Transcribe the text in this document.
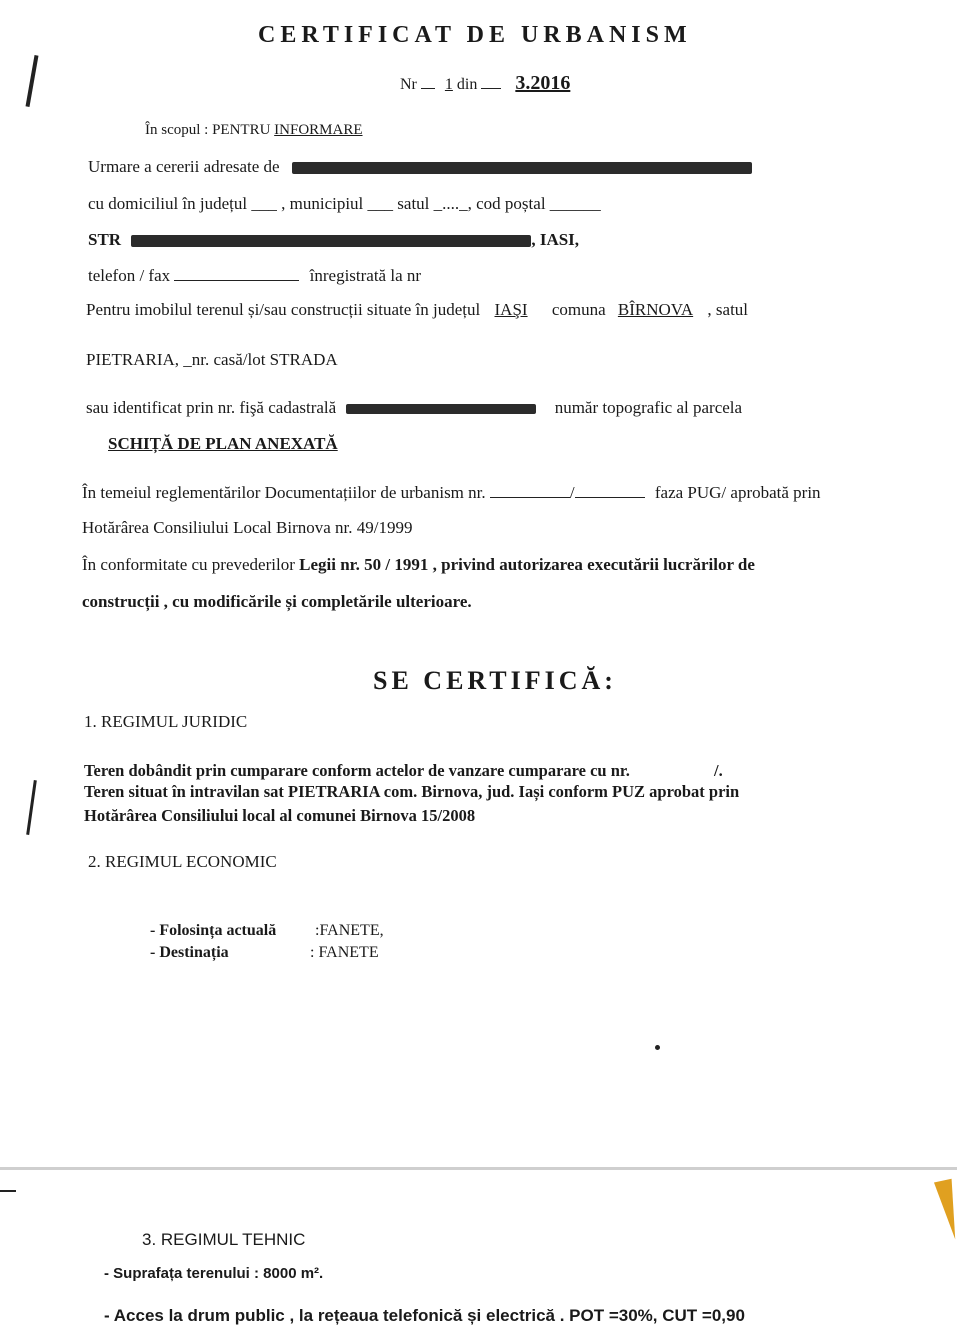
CERTIFICAT DE URBANISM
Nr 1 din 3.2016
În scopul : PENTRU INFORMARE
Urmare a cererii adresate de
cu domiciliul în județul ___ , municipiul ___ satul _...._, cod poștal ______
STR	, IASI,
telefon / fax	înregistrată la nr
Pentru imobilul terenul și/sau construcții situate în județul IAŞI comuna BÎRNOVA , satul
PIETRARIA, _nr. casă/lot STRADA
sau identificat prin nr. fişă cadastrală	număr topografic al parcela
SCHIȚĂ DE PLAN ANEXATĂ
În temeiul reglementărilor Documentațiilor de urbanism nr.	/	faza PUG/ aprobată prin
Hotărârea Consiliului Local Birnova nr. 49/1999
În conformitate cu prevederilor Legii nr. 50 / 1991 , privind autorizarea executării lucrărilor de
construcții , cu modificările și completările ulterioare.
SE CERTIFICĂ:
1. REGIMUL JURIDIC
Teren dobândit prin cumparare conform actelor de vanzare cumparare cu nr.	/.
Teren situat în intravilan sat PIETRARIA com. Birnova, jud. Iași conform PUZ aprobat prin
Hotărârea Consiliului local al comunei Birnova 15/2008
2. REGIMUL ECONOMIC
- Folosința actuală :FANETE,
- Destinația	: FANETE
3. REGIMUL TEHNIC
- Suprafața terenului : 8000 m².
- Acces la drum public , la rețeaua telefonică și electrică . POT =30%, CUT =0,90
